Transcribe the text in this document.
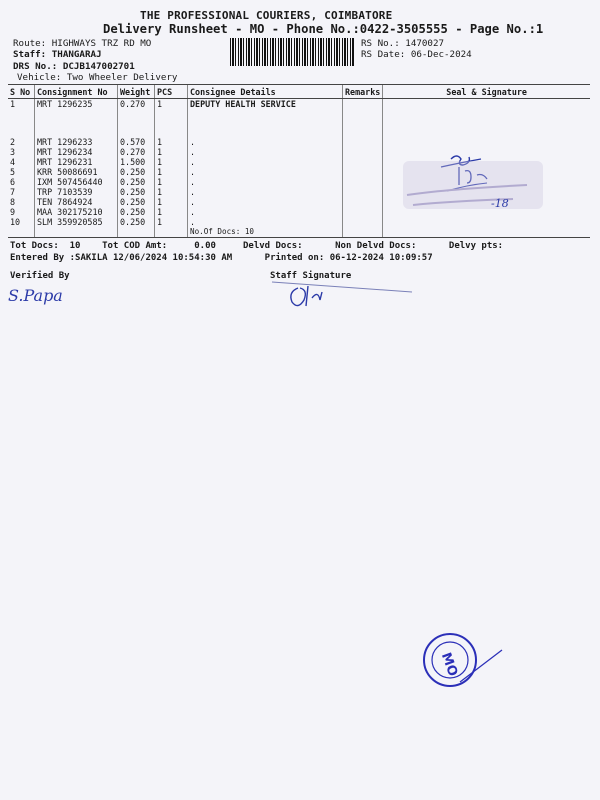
THE PROFESSIONAL COURIERS, COIMBATORE
Delivery Runsheet - MO - Phone No.:0422-3505555 - Page No.:1
Route: HIGHWAYS TRZ RD MO
Staff: THANGARAJ
DRS No.: DCJB147002701
Vehicle: Two Wheeler Delivery
RS No.: 1470027
RS Date: 06-Dec-2024
S No	Consignment No	Weight	PCS	Consignee Details	Remarks	Seal & Signature
1	MRT 1296235	0.270	1	DEPUTY HEALTH SERVICE		-18

2	MRT 1296233	0.570	1	.		
3	MRT 1296234	0.270	1	.		
4	MRT 1296231	1.500	1	.		
5	KRR 50086691	0.250	1	.		
6	IXM 507456440	0.250	1	.		
7	TRP 7103539	0.250	1	.		
8	TEN 7864924	0.250	1	.		
9	MAA 302175210	0.250	1	.		
10	SLM 359920585	0.250	1	.		
				No.Of Docs: 10		
Tot Docs:  10    Tot COD Amt:     0.00     Delvd Docs:      Non Delvd Docs:      Delvy pts:
Entered By :SAKILA 12/06/2024 10:54:30 AM      Printed on: 06-12-2024 10:09:57
Verified By
S.Papa
Staff Signature
MO
